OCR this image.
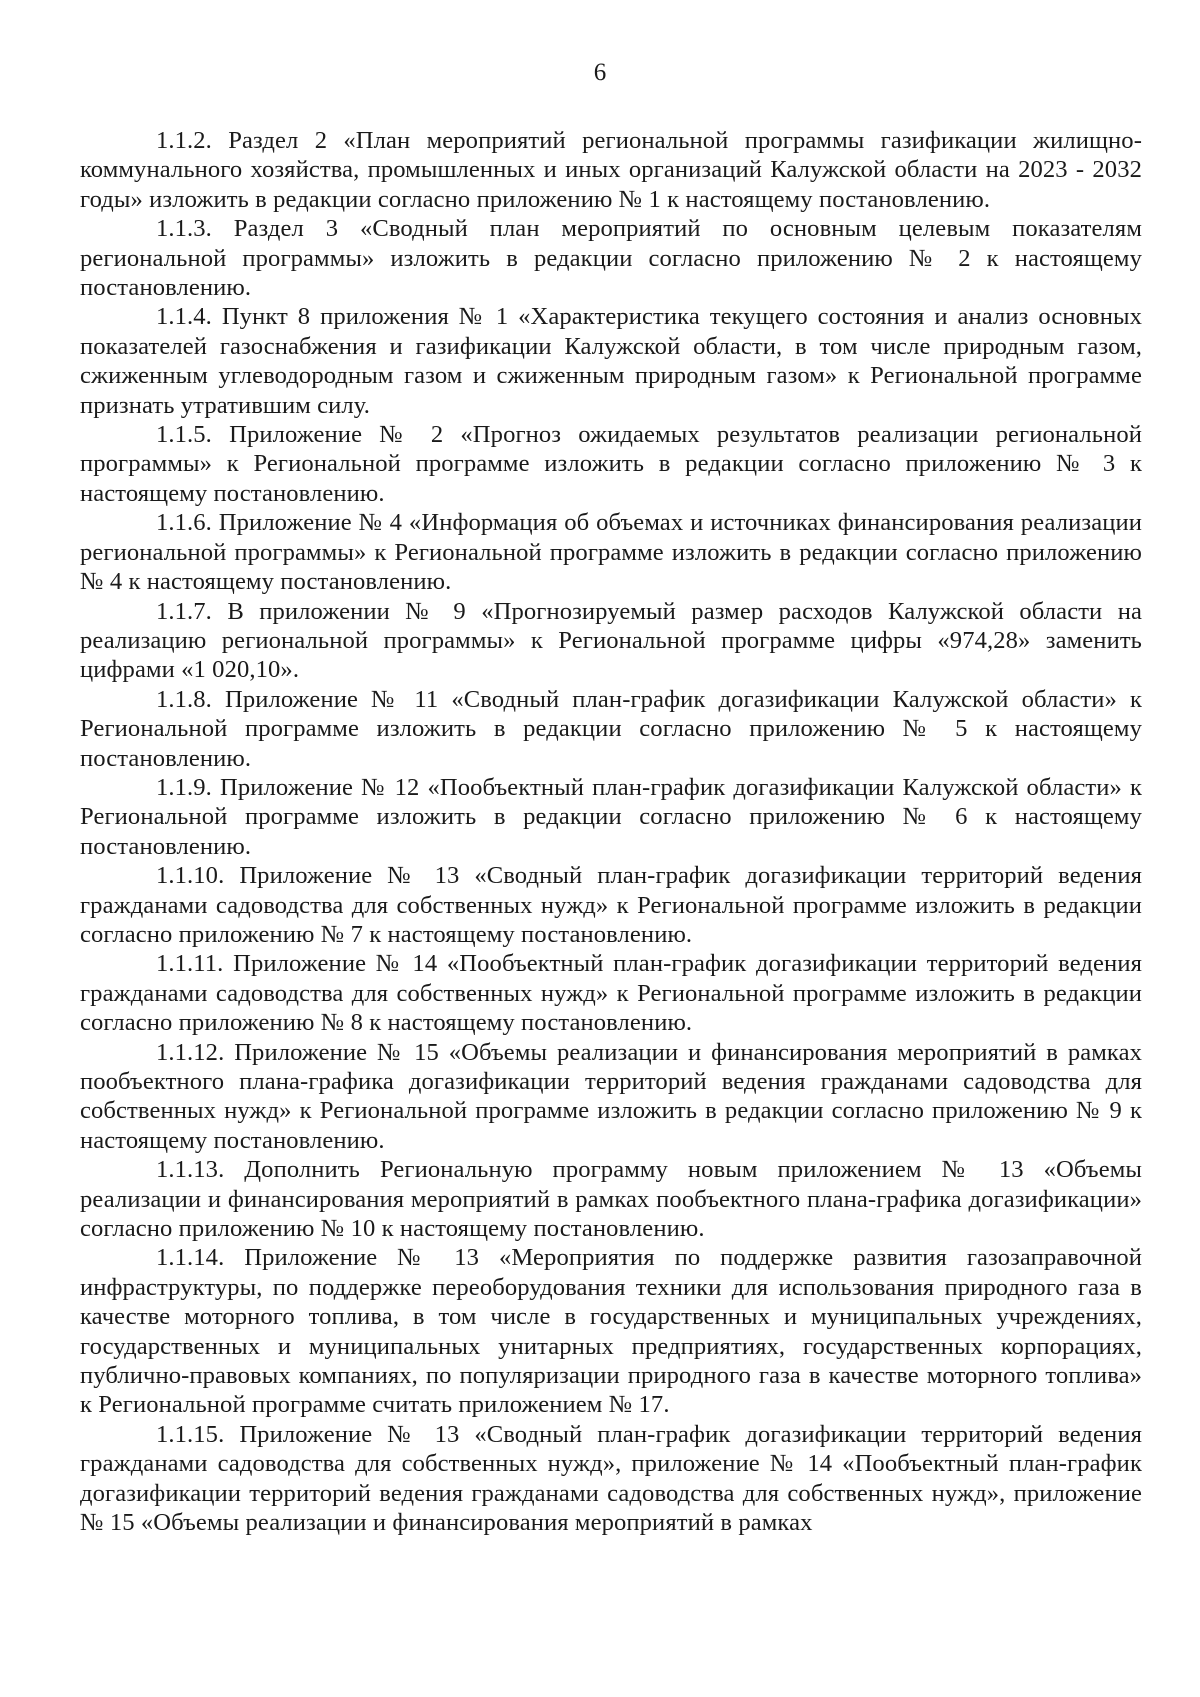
6

1.1.2. Раздел 2 «План мероприятий региональной программы газификации жилищно-коммунального хозяйства, промышленных и иных организаций Калужской области на 2023 - 2032 годы» изложить в редакции согласно приложению № 1 к настоящему постановлению.

1.1.3. Раздел 3 «Сводный план мероприятий по основным целевым показателям региональной программы» изложить в редакции согласно приложению № 2 к настоящему постановлению.

1.1.4. Пункт 8 приложения № 1 «Характеристика текущего состояния и анализ основных показателей газоснабжения и газификации Калужской области, в том числе природным газом, сжиженным углеводородным газом и сжиженным природным газом» к Региональной программе признать утратившим силу.

1.1.5. Приложение № 2 «Прогноз ожидаемых результатов реализации региональной программы» к Региональной программе изложить в редакции согласно приложению № 3 к настоящему постановлению.

1.1.6. Приложение № 4 «Информация об объемах и источниках финансирования реализации региональной программы» к Региональной программе изложить в редакции согласно приложению № 4 к настоящему постановлению.

1.1.7. В приложении № 9 «Прогнозируемый размер расходов Калужской области на реализацию региональной программы» к Региональной программе цифры «974,28» заменить цифрами «1 020,10».

1.1.8. Приложение № 11 «Сводный план-график догазификации Калужской области» к Региональной программе изложить в редакции согласно приложению № 5 к настоящему постановлению.

1.1.9. Приложение № 12 «Пообъектный план-график догазификации Калужской области» к Региональной программе изложить в редакции согласно приложению № 6 к настоящему постановлению.

1.1.10. Приложение № 13 «Сводный план-график догазификации территорий ведения гражданами садоводства для собственных нужд» к Региональной программе изложить в редакции согласно приложению № 7 к настоящему постановлению.

1.1.11. Приложение № 14 «Пообъектный план-график догазификации территорий ведения гражданами садоводства для собственных нужд» к Региональной программе изложить в редакции согласно приложению № 8 к настоящему постановлению.

1.1.12. Приложение № 15 «Объемы реализации и финансирования мероприятий в рамках пообъектного плана-графика догазификации территорий ведения гражданами садоводства для собственных нужд» к Региональной программе изложить в редакции согласно приложению № 9 к настоящему постановлению.

1.1.13. Дополнить Региональную программу новым приложением № 13 «Объемы реализации и финансирования мероприятий в рамках пообъектного плана-графика догазификации» согласно приложению № 10 к настоящему постановлению.

1.1.14. Приложение № 13 «Мероприятия по поддержке развития газозаправочной инфраструктуры, по поддержке переоборудования техники для использования природного газа в качестве моторного топлива, в том числе в государственных и муниципальных учреждениях, государственных и муниципальных унитарных предприятиях, государственных корпорациях, публично-правовых компаниях, по популяризации природного газа в качестве моторного топлива» к Региональной программе считать приложением № 17.

1.1.15. Приложение № 13 «Сводный план-график догазификации территорий ведения гражданами садоводства для собственных нужд», приложение № 14 «Пообъектный план-график догазификации территорий ведения гражданами садоводства для собственных нужд», приложение № 15 «Объемы реализации и финансирования мероприятий в рамках
